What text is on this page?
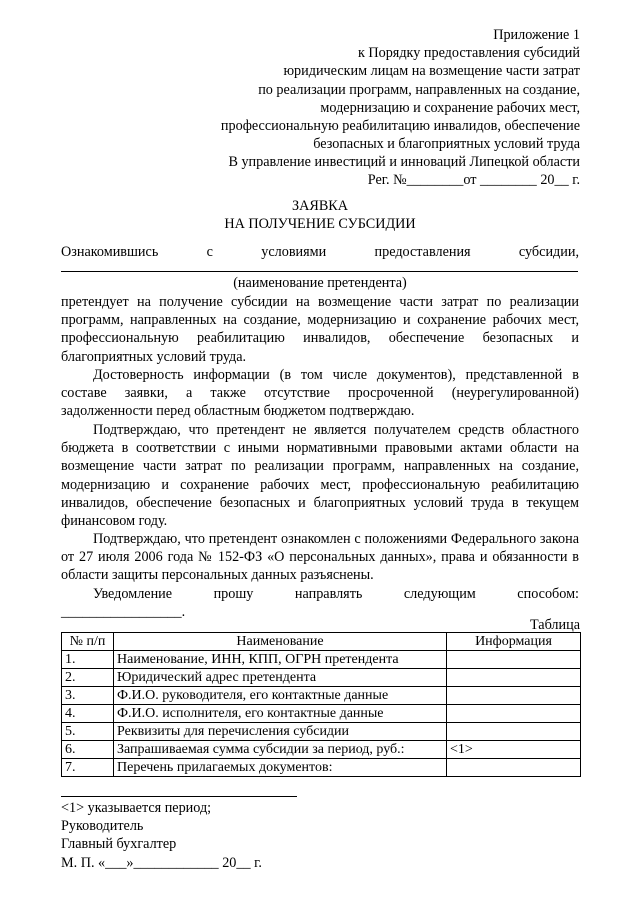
Приложение 1
к Порядку предоставления субсидий
юридическим лицам на возмещение части затрат
по реализации программ, направленных на создание,
модернизацию и сохранение рабочих мест,
профессиональную реабилитацию инвалидов, обеспечение
безопасных и благоприятных условий труда
В управление инвестиций и инноваций Липецкой области
Рег. №________от ________ 20__ г.
ЗАЯВКА
НА ПОЛУЧЕНИЕ СУБСИДИИ
Ознакомившись с условиями предоставления субсидии,
(наименование претендента)
претендует на получение субсидии на возмещение части затрат по реализации программ, направленных на создание, модернизацию и сохранение рабочих мест, профессиональную реабилитацию инвалидов, обеспечение безопасных и благоприятных условий труда.
Достоверность информации (в том числе документов), представленной в составе заявки, а также отсутствие просроченной (неурегулированной) задолженности перед областным бюджетом подтверждаю.
Подтверждаю, что претендент не является получателем средств областного бюджета в соответствии с иными нормативными правовыми актами области на возмещение части затрат по реализации программ, направленных на создание, модернизацию и сохранение рабочих мест, профессиональную реабилитацию инвалидов, обеспечение безопасных и благоприятных условий труда в текущем финансовом году.
Подтверждаю, что претендент ознакомлен с положениями Федерального закона от 27 июля 2006 года № 152-ФЗ «О персональных данных», права и обязанности в области защиты персональных данных разъяснены.
Уведомление прошу направлять следующим способом:
_________________.
Таблица
№ п/п	Наименование	Информация
1.	Наименование, ИНН, КПП, ОГРН претендента	
2.	Юридический адрес претендента	
3.	Ф.И.О. руководителя, его контактные данные	
4.	Ф.И.О. исполнителя, его контактные данные	
5.	Реквизиты для перечисления субсидии	
6.	Запрашиваемая сумма субсидии за период, руб.:	<1>
7.	Перечень прилагаемых документов:	
<1> указывается период;
Руководитель
Главный бухгалтер
М. П. «___»____________ 20__ г.
